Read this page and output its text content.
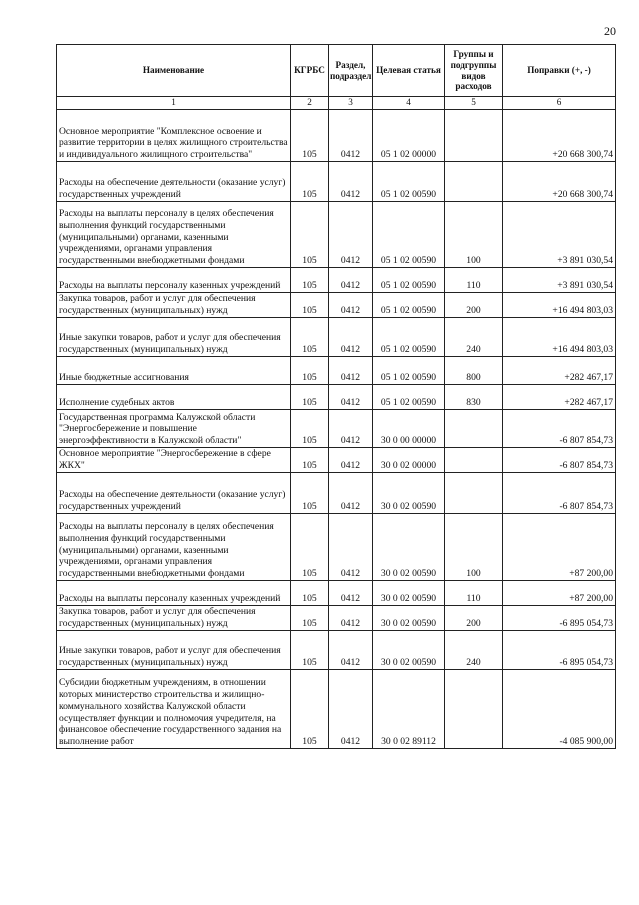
20
Наименование	КГРБС	Раздел, подраздел	Целевая статья	Группы и подгруппы видов расходов	Поправки (+, -)
1	2	3	4	5	6
Основное мероприятие "Комплексное освоение и развитие территории в целях жилищного строительства и индивидуального жилищного строительства"	105	0412	05 1 02 00000		+20 668 300,74
Расходы на обеспечение деятельности (оказание услуг) государственных учреждений	105	0412	05 1 02 00590		+20 668 300,74
Расходы на выплаты персоналу в целях обеспечения выполнения функций государственными (муниципальными) органами, казенными учреждениями, органами управления государственными внебюджетными фондами	105	0412	05 1 02 00590	100	+3 891 030,54
Расходы на выплаты персоналу казенных учреждений	105	0412	05 1 02 00590	110	+3 891 030,54
Закупка товаров, работ и услуг для обеспечения государственных (муниципальных) нужд	105	0412	05 1 02 00590	200	+16 494 803,03
Иные закупки товаров, работ и услуг для обеспечения государственных (муниципальных) нужд	105	0412	05 1 02 00590	240	+16 494 803,03
Иные бюджетные ассигнования	105	0412	05 1 02 00590	800	+282 467,17
Исполнение судебных актов	105	0412	05 1 02 00590	830	+282 467,17
Государственная программа Калужской области "Энергосбережение и повышение энергоэффективности в Калужской области"	105	0412	30 0 00 00000		-6 807 854,73
Основное мероприятие "Энергосбережение в сфере ЖКХ"	105	0412	30 0 02 00000		-6 807 854,73
Расходы на обеспечение деятельности (оказание услуг) государственных учреждений	105	0412	30 0 02 00590		-6 807 854,73
Расходы на выплаты персоналу в целях обеспечения выполнения функций государственными (муниципальными) органами, казенными учреждениями, органами управления государственными внебюджетными фондами	105	0412	30 0 02 00590	100	+87 200,00
Расходы на выплаты персоналу казенных учреждений	105	0412	30 0 02 00590	110	+87 200,00
Закупка товаров, работ и услуг для обеспечения государственных (муниципальных) нужд	105	0412	30 0 02 00590	200	-6 895 054,73
Иные закупки товаров, работ и услуг для обеспечения государственных (муниципальных) нужд	105	0412	30 0 02 00590	240	-6 895 054,73
Субсидии бюджетным учреждениям, в отношении которых министерство строительства и жилищно-коммунального хозяйства Калужской области осуществляет функции и полномочия учредителя, на финансовое обеспечение государственного задания на выполнение работ	105	0412	30 0 02 89112		-4 085 900,00
